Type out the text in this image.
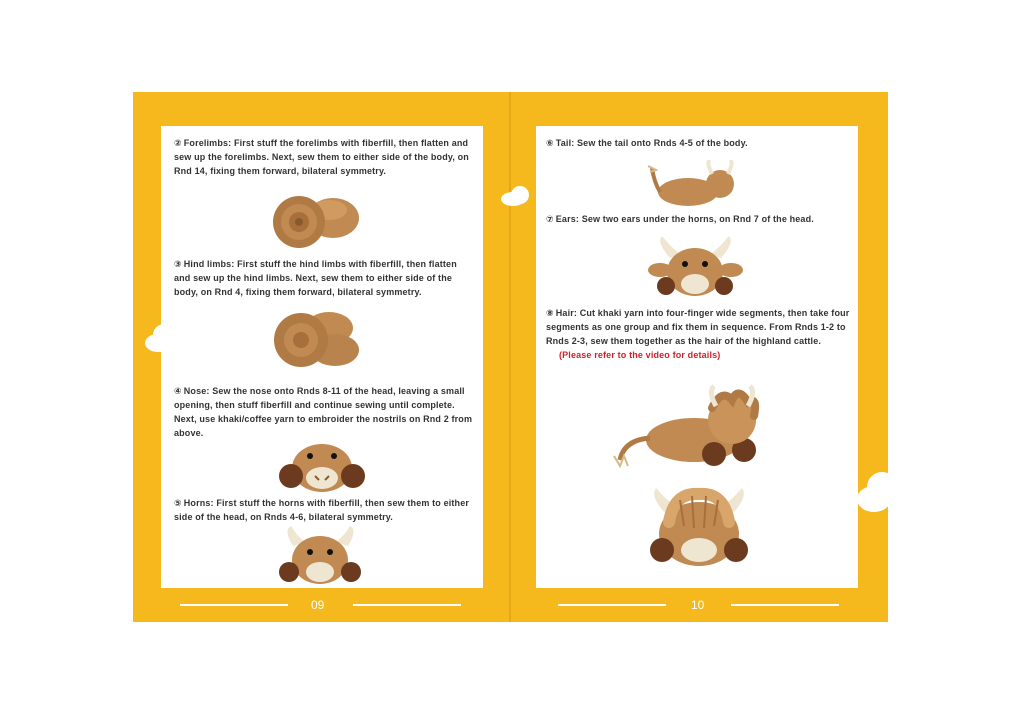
② Forelimbs: First stuff the forelimbs with fiberfill, then flatten and sew up the forelimbs. Next, sew them to either side of the body, on Rnd 14, fixing them forward, bilateral symmetry.
③ Hind limbs: First stuff the hind limbs with fiberfill, then flatten and sew up the hind limbs. Next, sew them to either side of the body, on Rnd 4, fixing them forward, bilateral symmetry.
④ Nose: Sew the nose onto Rnds 8-11 of the head, leaving a small opening, then stuff fiberfill and continue sewing until complete. Next, use khaki/coffee yarn to embroider the nostrils on Rnd 2 from above.
⑤ Horns: First stuff the horns with fiberfill, then sew them to either side of the head, on Rnds 4-6, bilateral symmetry.
⑥ Tail: Sew the tail onto Rnds 4-5 of the body.
⑦ Ears: Sew two ears under the horns, on Rnd 7 of the head.
⑧ Hair: Cut khaki yarn into four-finger wide segments, then take four segments as one group and fix them in sequence. From Rnds 1-2 to Rnds 2-3, sew them together as the hair of the highland cattle.
(Please refer to the video for details)
09	10
